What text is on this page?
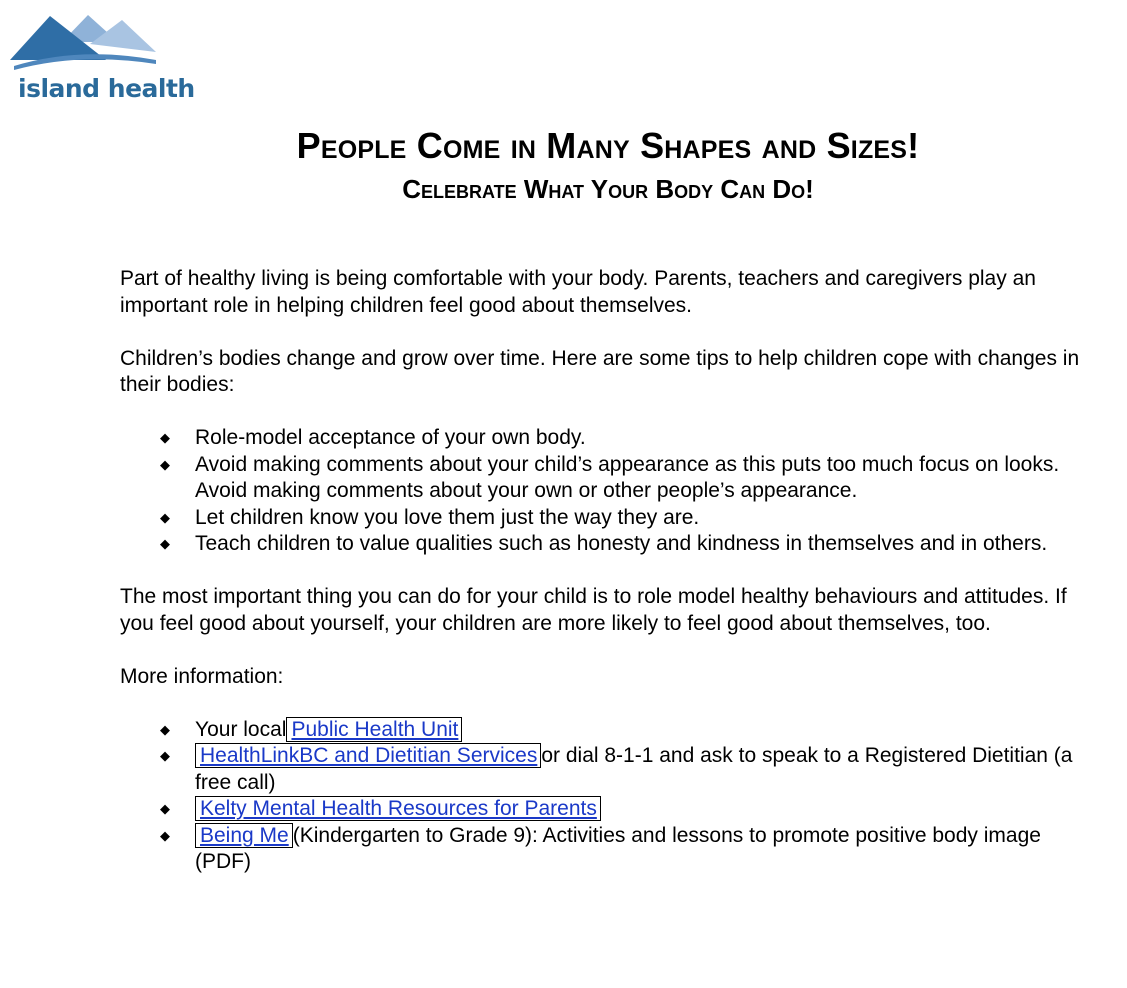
island health
People Come in Many Shapes and Sizes!
Celebrate What Your Body Can Do!

Part of healthy living is being comfortable with your body. Parents, teachers and caregivers play an important role in helping children feel good about themselves.

Children’s bodies change and grow over time. Here are some tips to help children cope with changes in their bodies:

◆ Role-model acceptance of your own body.
◆ Avoid making comments about your child’s appearance as this puts too much focus on looks. Avoid making comments about your own or other people’s appearance.
◆ Let children know you love them just the way they are.
◆ Teach children to value qualities such as honesty and kindness in themselves and in others.

The most important thing you can do for your child is to role model healthy behaviours and attitudes. If you feel good about yourself, your children are more likely to feel good about themselves, too.

More information:

◆ Your local Public Health Unit
◆ HealthLinkBC and Dietitian Services or dial 8-1-1 and ask to speak to a Registered Dietitian (a free call)
◆ Kelty Mental Health Resources for Parents
◆ Being Me (Kindergarten to Grade 9): Activities and lessons to promote positive body image (PDF)
